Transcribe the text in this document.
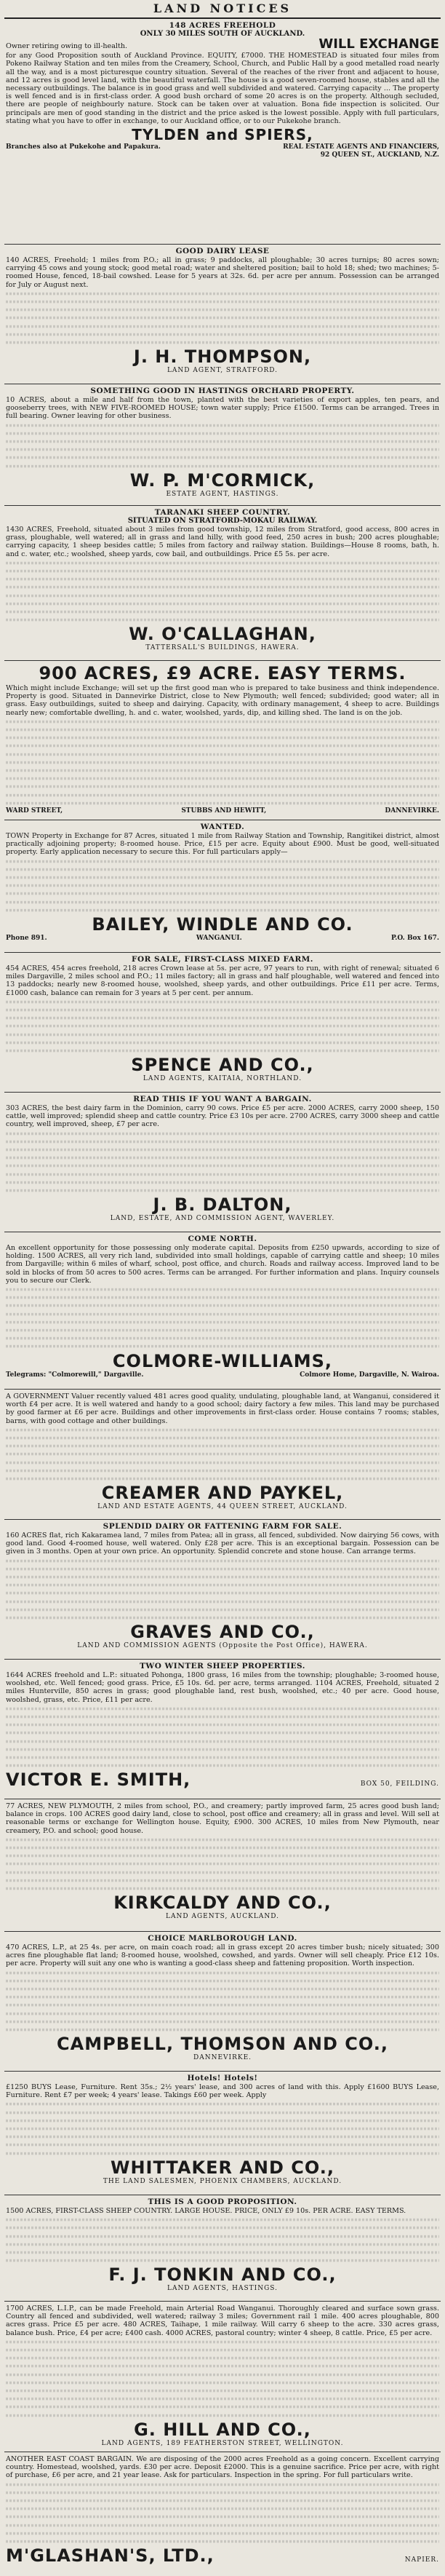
LAND NOTICES
148 ACRES FREEHOLD
ONLY 30 MILES SOUTH OF AUCKLAND.
Owner retiring owing to ill-health.	WILL EXCHANGE
for any Good Proposition south of Auckland Province. EQUITY, £7000. THE HOMESTEAD is situated four miles from Pokeno Railway Station and ten miles from the Creamery, School, Church, and Public Hall by a good metalled road nearly all the way, and is a most picturesque country situation. Several of the reaches of the river front and adjacent to house, and 12 acres is good level land, with the beautiful waterfall. The house is a good seven-roomed house, stables and all the necessary outbuildings. The balance is in good grass and well subdivided and watered. Carrying capacity ... The property is well fenced and is in first-class order. A good bush orchard of some 20 acres is on the property. Although secluded, there are people of neighbourly nature. Stock can be taken over at valuation. Bona fide inspection is solicited. Our principals are men of good standing in the district and the price asked is the lowest possible. Apply with full particulars, stating what you have to offer in exchange, to our Auckland office, or to our Pukekohe branch.
TYLDEN and SPIERS,
Branches also at Pukekohe and Papakura.	REAL ESTATE AGENTS AND FINANCIERS,
92 QUEEN ST., AUCKLAND, N.Z.
GOOD DAIRY LEASE
140 ACRES, Freehold; 1 miles from P.O.; all in grass; 9 paddocks, all ploughable; 30 acres turnips; 80 acres sown; carrying 45 cows and young stock; good metal road; water and sheltered position; bail to hold 18; shed; two machines; 5-roomed House, fenced, 18-bail cowshed. Lease for 5 years at 32s. 6d. per acre per annum. Possession can be arranged for July or August next.
J. H. THOMPSON,
LAND AGENT, STRATFORD.
SOMETHING GOOD IN HASTINGS ORCHARD PROPERTY.
10 ACRES, about a mile and half from the town, planted with the best varieties of export apples, ten pears, and gooseberry trees, with NEW FIVE-ROOMED HOUSE; town water supply; Price £1500. Terms can be arranged. Trees in full bearing. Owner leaving for other business.
W. P. M'CORMICK,
ESTATE AGENT, HASTINGS.
TARANAKI SHEEP COUNTRY.
SITUATED ON STRATFORD-MOKAU RAILWAY.
1430 ACRES, Freehold, situated about 3 miles from good township, 12 miles from Stratford, good access, 800 acres in grass, ploughable, well watered; all in grass and land hilly, with good feed, 250 acres in bush; 200 acres ploughable; carrying capacity, 1 sheep besides cattle; 5 miles from factory and railway station. Buildings—House 8 rooms, bath, h. and c. water, etc.; woolshed, sheep yards, cow bail, and outbuildings. Price £5 5s. per acre.
W. O'CALLAGHAN,
TATTERSALL'S BUILDINGS, HAWERA.
900 ACRES, £9 ACRE. EASY TERMS.
Which might include Exchange; will set up the first good man who is prepared to take business and think independence. Property is good. Situated in Dannevirke District, close to New Plymouth; well fenced; subdivided; good water; all in grass. Easy outbuildings, suited to sheep and dairying. Capacity, with ordinary management, 4 sheep to acre. Buildings nearly new; comfortable dwelling, h. and c. water, woolshed, yards, dip, and killing shed. The land is on the job.
WARD STREET,	STUBBS AND HEWITT,	DANNEVIRKE.
WANTED.
TOWN Property in Exchange for 87 Acres, situated 1 mile from Railway Station and Township, Rangitikei district, almost practically adjoining property; 8-roomed house. Price, £15 per acre. Equity about £900. Must be good, well-situated property. Early application necessary to secure this. For full particulars apply—
BAILEY, WINDLE AND CO.
Phone 891.	WANGANUI.	P.O. Box 167.
FOR SALE, FIRST-CLASS MIXED FARM.
454 ACRES, 454 acres freehold, 218 acres Crown lease at 5s. per acre, 97 years to run, with right of renewal; situated 6 miles Dargaville, 2 miles school and P.O.; 11 miles factory; all in grass and half ploughable, well watered and fenced into 13 paddocks; nearly new 8-roomed house, woolshed, sheep yards, and other outbuildings. Price £11 per acre. Terms, £1000 cash, balance can remain for 3 years at 5 per cent. per annum.
SPENCE AND CO.,
LAND AGENTS, KAITAIA, NORTHLAND.
READ THIS IF YOU WANT A BARGAIN.
303 ACRES, the best dairy farm in the Dominion, carry 90 cows. Price £5 per acre. 2000 ACRES, carry 2000 sheep, 150 cattle, well improved; splendid sheep and cattle country. Price £3 10s per acre. 2700 ACRES, carry 3000 sheep and cattle country, well improved, sheep, £7 per acre.
J. B. DALTON,
LAND, ESTATE, AND COMMISSION AGENT, WAVERLEY.
COME NORTH.
An excellent opportunity for those possessing only moderate capital. Deposits from £250 upwards, according to size of holding. 1500 ACRES, all very rich land, subdivided into small holdings, capable of carrying cattle and sheep; 10 miles from Dargaville; within 6 miles of wharf, school, post office, and church. Roads and railway access. Improved land to be sold in blocks of from 50 acres to 500 acres. Terms can be arranged. For further information and plans. Inquiry counsels you to secure our Clerk.
COLMORE-WILLIAMS,
Telegrams: "Colmorewill," Dargaville.	Colmore Home, Dargaville, N. Wairoa.
A GOVERNMENT Valuer recently valued 481 acres good quality, undulating, ploughable land, at Wanganui, considered it worth £4 per acre. It is well watered and handy to a good school; dairy factory a few miles. This land may be purchased by good farmer at £6 per acre. Buildings and other improvements in first-class order. House contains 7 rooms; stables, barns, with good cottage and other buildings.
CREAMER AND PAYKEL,
LAND AND ESTATE AGENTS, 44 QUEEN STREET, AUCKLAND.
SPLENDID DAIRY OR FATTENING FARM FOR SALE.
160 ACRES flat, rich Kakaramea land, 7 miles from Patea; all in grass, all fenced, subdivided. Now dairying 56 cows, with good land. Good 4-roomed house, well watered. Only £28 per acre. This is an exceptional bargain. Possession can be given in 3 months. Open at your own price. An opportunity. Splendid concrete and stone house. Can arrange terms.
GRAVES AND CO.,
LAND AND COMMISSION AGENTS (Opposite the Post Office), HAWERA.
TWO WINTER SHEEP PROPERTIES.
1644 ACRES freehold and L.P.: situated Pohonga, 1800 grass, 16 miles from the township; ploughable; 3-roomed house, woolshed, etc. Well fenced; good grass. Price, £5 10s. 6d. per acre, terms arranged. 1104 ACRES, Freehold, situated 2 miles Hunterville, 850 acres in grass; good ploughable land, rest bush, woolshed, etc.; 40 per acre. Good house, woolshed, grass, etc. Price, £11 per acre.
VICTOR E. SMITH,	BOX 50, FEILDING.
77 ACRES, NEW PLYMOUTH, 2 miles from school, P.O., and creamery; partly improved farm, 25 acres good bush land; balance in crops. 100 ACRES good dairy land, close to school, post office and creamery; all in grass and level. Will sell at reasonable terms or exchange for Wellington house. Equity, £900. 300 ACRES, 10 miles from New Plymouth, near creamery, P.O. and school; good house.
KIRKCALDY AND CO.,
LAND AGENTS, AUCKLAND.
CHOICE MARLBOROUGH LAND.
470 ACRES, L.P., at 25 4s. per acre, on main coach road; all in grass except 20 acres timber bush; nicely situated; 300 acres fine ploughable flat land; 8-roomed house, woolshed, cowshed, and yards. Owner will sell cheaply. Price £12 10s. per acre. Property will suit any one who is wanting a good-class sheep and fattening proposition. Worth inspection.
CAMPBELL, THOMSON AND CO.,
DANNEVIRKE.
Hotels! Hotels!
£1250 BUYS Lease, Furniture. Rent 35s.; 2½ years' lease, and 300 acres of land with this. Apply £1600 BUYS Lease, Furniture. Rent £7 per week; 4 years' lease. Takings £60 per week. Apply
WHITTAKER AND CO.,
THE LAND SALESMEN, PHOENIX CHAMBERS, AUCKLAND.
THIS IS A GOOD PROPOSITION.
1500 ACRES, FIRST-CLASS SHEEP COUNTRY. LARGE HOUSE. PRICE, ONLY £9 10s. PER ACRE. EASY TERMS.
F. J. TONKIN AND CO.,
LAND AGENTS, HASTINGS.
1700 ACRES, L.I.P., can be made Freehold, main Arterial Road Wanganui. Thoroughly cleared and surface sown grass. Country all fenced and subdivided, well watered; railway 3 miles; Government rail 1 mile. 400 acres ploughable, 800 acres grass. Price £5 per acre. 480 ACRES, Taihape, 1 mile railway. Will carry 6 sheep to the acre. 330 acres grass, balance bush. Price, £4 per acre; £400 cash. 4000 ACRES, pastoral country; winter 4 sheep, 8 cattle. Price, £5 per acre.
G. HILL AND CO.,
LAND AGENTS, 189 FEATHERSTON STREET, WELLINGTON.
ANOTHER EAST COAST BARGAIN. We are disposing of the 2000 acres Freehold as a going concern. Excellent carrying country. Homestead, woolshed, yards. £30 per acre. Deposit £2000. This is a genuine sacrifice. Price per acre, with right of purchase, £6 per acre, and 21 year lease. Ask for particulars. Inspection in the spring. For full particulars write.
M'GLASHAN'S, LTD.,	NAPIER.
